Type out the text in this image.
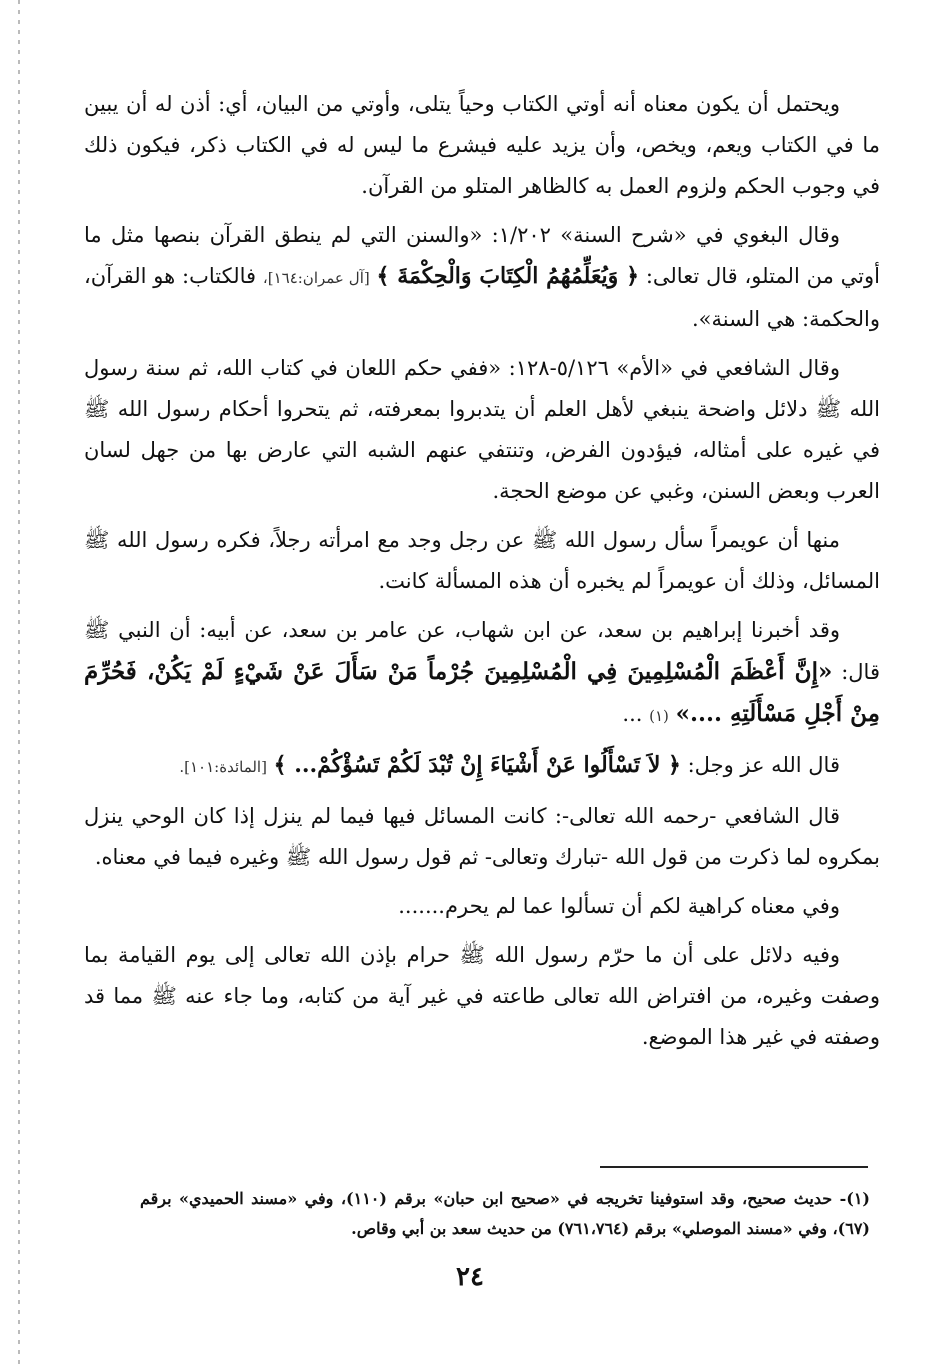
ويحتمل أن يكون معناه أنه أوتي الكتاب وحياً يتلى، وأوتي من البيان، أي: أذن له أن يبين ما في الكتاب ويعم، ويخص، وأن يزيد عليه فيشرع ما ليس له في الكتاب ذكر، فيكون ذلك في وجوب الحكم ولزوم العمل به كالظاهر المتلو من القرآن.

وقال البغوي في «شرح السنة» ١/٢٠٢: «والسنن التي لم ينطق القرآن بنصها مثل ما أوتي من المتلو، قال تعالى: ﴿ وَيُعَلِّمُهُمُ الْكِتَابَ وَالْحِكْمَةَ ﴾ [آل عمران:١٦٤]، فالكتاب: هو القرآن، والحكمة: هي السنة».

وقال الشافعي في «الأم» ٥/١٢٦-١٢٨: «ففي حكم اللعان في كتاب الله، ثم سنة رسول الله ﷺ دلائل واضحة ينبغي لأهل العلم أن يتدبروا بمعرفته، ثم يتحروا أحكام رسول الله ﷺ في غيره على أمثاله، فيؤدون الفرض، وتنتفي عنهم الشبه التي عارض بها من جهل لسان العرب وبعض السنن، وغبي عن موضع الحجة.

منها أن عويمراً سأل رسول الله ﷺ عن رجل وجد مع امرأته رجلاً، فكره رسول الله ﷺ المسائل، وذلك أن عويمراً لم يخبره أن هذه المسألة كانت.

وقد أخبرنا إبراهيم بن سعد، عن ابن شهاب، عن عامر بن سعد، عن أبيه: أن النبي ﷺ قال: «إِنَّ أَعْظَمَ الْمُسْلِمِينَ فِي الْمُسْلِمِينَ جُرْماً مَنْ سَأَلَ عَنْ شَيْءٍ لَمْ يَكُنْ، فَحُرِّمَ مِنْ أَجْلِ مَسْأَلَتِهِ ....» (١) ...

قال الله عز وجل: ﴿ لاَ تَسْأَلُوا عَنْ أَشْيَاءَ إِنْ تُبْدَ لَكُمْ تَسُؤْكُمْ... ﴾ [المائدة:١٠١].

قال الشافعي -رحمه الله تعالى-: كانت المسائل فيها فيما لم ينزل إذا كان الوحي ينزل بمكروه لما ذكرت من قول الله -تبارك وتعالى- ثم قول رسول الله ﷺ وغيره فيما في معناه.

وفي معناه كراهية لكم أن تسألوا عما لم يحرم.......

وفيه دلائل على أن ما حرّم رسول الله ﷺ حرام بإذن الله تعالى إلى يوم القيامة بما وصفت وغيره، من افتراض الله تعالى طاعته في غير آية من كتابه، وما جاء عنه ﷺ مما قد وصفته في غير هذا الموضع.

(١)- حديث صحيح، وقد استوفينا تخريجه في «صحيح ابن حبان» برقم (١١٠)، وفي «مسند الحميدي» برقم (٦٧)، وفي «مسند الموصلي» برقم (٧٦١،٧٦٤) من حديث سعد بن أبي وقاص.
٢٤
